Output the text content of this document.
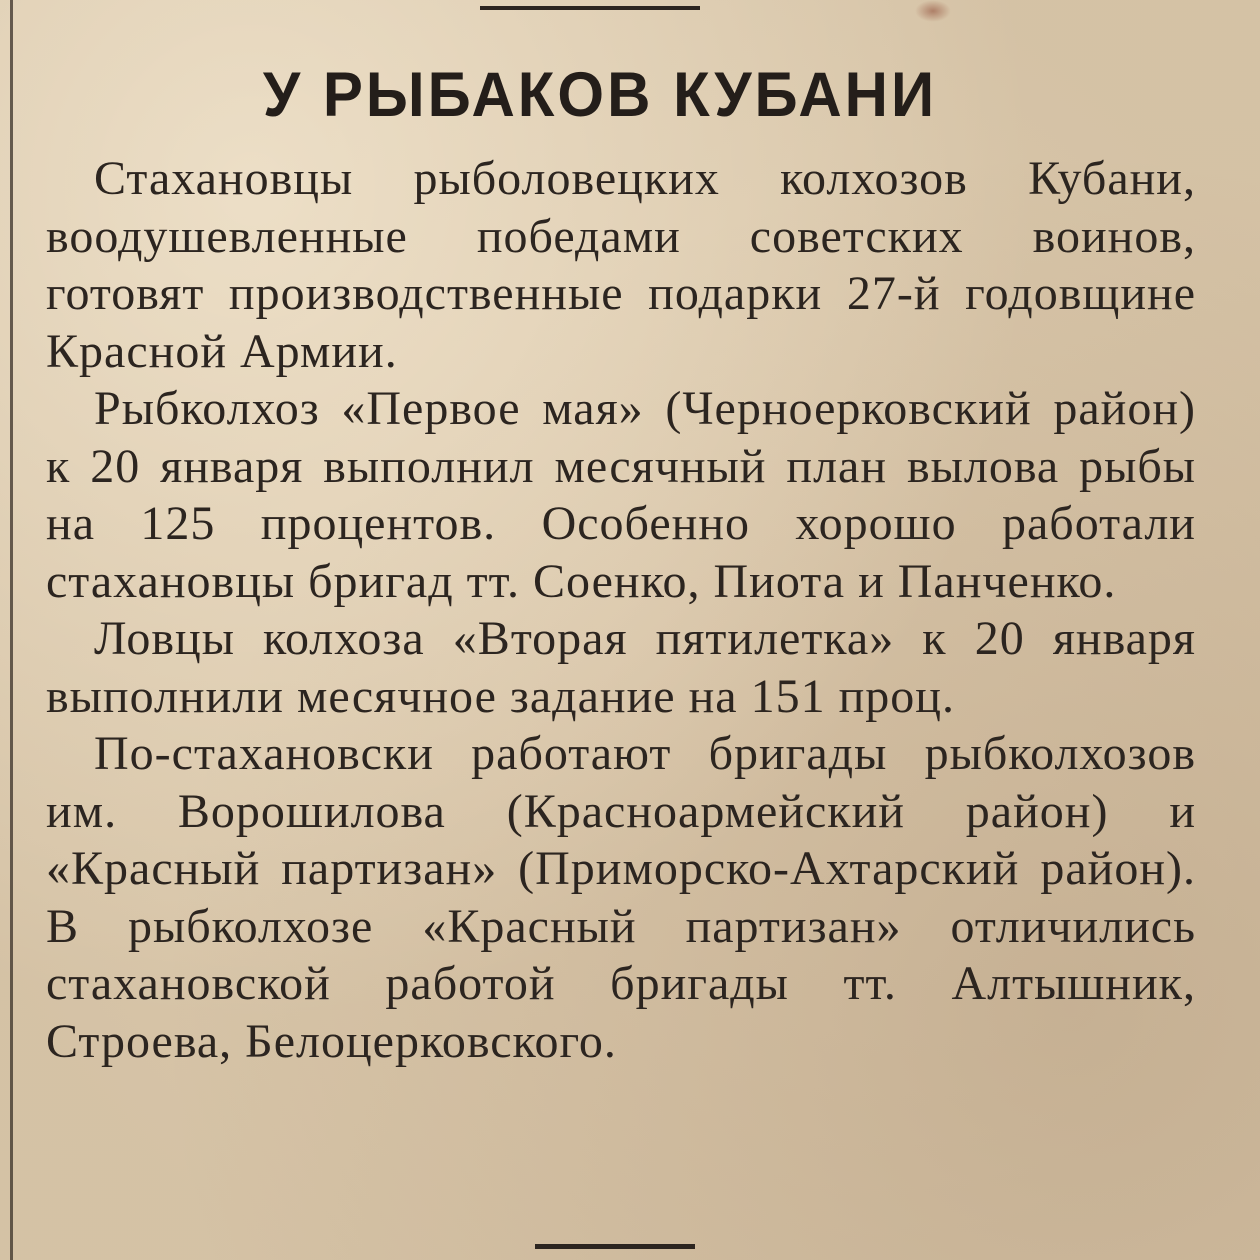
У РЫБАКОВ КУБАНИ

Стахановцы рыболовецких колхозов Кубани, воодушевленные победами советских воинов, готовят производственные подарки 27-й годовщине Красной Армии.

Рыбколхоз «Первое мая» (Черноерковский район) к 20 января выполнил месячный план вылова рыбы на 125 процентов. Особенно хорошо работали стахановцы бригад тт. Соенко, Пиота и Панченко.

Ловцы колхоза «Вторая пятилетка» к 20 января выполнили месячное задание на 151 проц.

По-стахановски работают бригады рыбколхозов им. Ворошилова (Красноармейский район) и «Красный партизан» (Приморско-Ахтарский район). В рыбколхозе «Красный партизан» отличились стахановской работой бригады тт. Алтышник, Строева, Белоцерковского.
